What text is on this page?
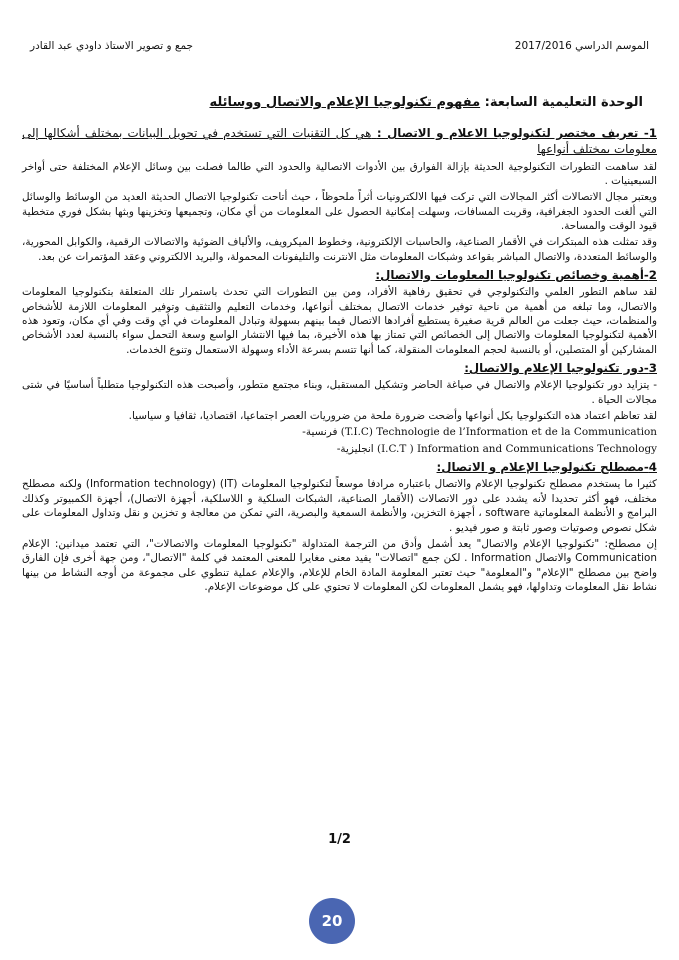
جمع و تصوير الاستاذ داودي عبد القادر	الموسم الدراسي 2017/2016
الوحدة التعليمية السابعة: مفهوم تكنولوجيا الإعلام والاتصال ووسائله
1- تعريف مختصر لتكنولوجيا الاعلام و الاتصال : هي كل التقنيات التي تستخدم في تحويل البيانات بمختلف أشكالها إلى معلومات بمختلف أنواعها

لقد ساهمت التطورات التكنولوجية الحديثة بإزالة الفوارق بين الأدوات الاتصالية والحدود التي طالما فصلت بين وسائل الإعلام المختلفة حتى أواخر السبعينيات .

ويعتبر مجال الاتصالات أكثر المجالات التي تركت فيها الالكترونيات أثراً ملحوظاً ، حيث أتاحت تكنولوجيا الاتصال الحديثة العديد من الوسائط والوسائل التي ألغت الحدود الجغرافية، وقربت المسافات، وسهلت إمكانية الحصول على المعلومات من أي مكان، وتجميعها وتخزينها وبثها بشكل فوري متخطية قيود الوقت والمساحة.

وقد تمثلت هذه المبتكرات في الأقمار الصناعية، والحاسبات الإلكترونية، وخطوط الميكرويف، والألياف الضوئية والاتصالات الرقمية، والكوابل المحورية، والوسائط المتعددة، والاتصال المباشر بقواعد وشبكات المعلومات مثل الانترنت والتليفونات المحمولة، والبريد الالكتروني وعقد المؤتمرات عن بعد.

2-أهمية وخصائص تكنولوجيا المعلومات والاتصال:

لقد ساهم التطور العلمي والتكنولوجي في تحقيق رفاهية الأفراد، ومن بين التطورات التي تحدث باستمرار تلك المتعلقة بتكنولوجيا المعلومات والاتصال، وما تبلغه من أهمية من ناحية توفير خدمات الاتصال بمختلف أنواعها، وخدمات التعليم والتثقيف وتوفير المعلومات اللازمة للأشخاص والمنظمات، حيث جعلت من العالم قرية صغيرة يستطيع أفرادها الاتصال فيما بينهم بسهولة وتبادل المعلومات في أي وقت وفي أي مكان، وتعود هذه الأهمية لتكنولوجيا المعلومات والاتصال إلى الخصائص التي تمتاز بها هذه الأخيرة، بما فيها الانتشار الواسع وسعة التحمل سواء بالنسبة لعدد الأشخاص المشاركين أو المتصلين، أو بالنسبة لحجم المعلومات المنقولة، كما أنها تتسم بسرعة الأداء وسهولة الاستعمال وتنوع الخدمات.

3-دور تكنولوجيا الإعلام والاتصال:

- يتزايد دور تكنولوجيا الإعلام والاتصال في صياغة الحاضر وتشكيل المستقبل، وبناء مجتمع متطور، وأصبحت هذه التكنولوجيا متطلباً أساسيًا في شتى مجالات الحياة .

لقد تعاظم اعتماد هذه التكنولوجيا بكل أنواعها وأضحت ضرورة ملحة من ضروريات العصر اجتماعيا، اقتصاديا، ثقافيا و سياسيا.

(T.I.C) Technologie de l’Information et de la Communication فرنسية-

(I.C.T ) Information and Communications Technology انجليزية-

4-مصطلح تكنولوجيا الإعلام و الاتصال:

كثيرا ما يستخدم مصطلح تكنولوجيا الإعلام والاتصال باعتباره مرادفا موسعاً لتكنولوجيا المعلومات (IT) (Information technology) ولكنه مصطلح مختلف، فهو أكثر تحديدا لأنه يشدد على دور الاتصالات (الأقمار الصناعية، الشبكات السلكية و اللاسلكية، أجهزة الاتصال)، أجهزة الكمبيوتر وكذلك البرامج و الأنظمة المعلوماتية software ، أجهزة التخزين، والأنظمة السمعية والبصرية، التي تمكن من معالجة و تخزين و نقل وتداول المعلومات على شكل نصوص وصوتيات وصور ثابتة و صور فيديو .

إن مصطلح: "تكنولوجيا الإعلام والاتصال" يعد أشمل وأدق من الترجمة المتداولة "تكنولوجيا المعلومات والاتصالات"، التي تعتمد ميدانين: الإعلام Communication والاتصال Information . لكن جمع "اتصالات" يفيد معنى مغايرا للمعنى المعتمد في كلمة "الاتصال"، ومن جهة أخرى فإن الفارق واضح بين مصطلح "الإعلام" و"المعلومة" حيث تعتبر المعلومة المادة الخام للإعلام، والإعلام عملية تنطوي على مجموعة من أوجه النشاط من بينها نشاط نقل المعلومات وتداولها، فهو يشمل المعلومات لكن المعلومات لا تحتوي على كل موضوعات الإعلام.

1/2
20
